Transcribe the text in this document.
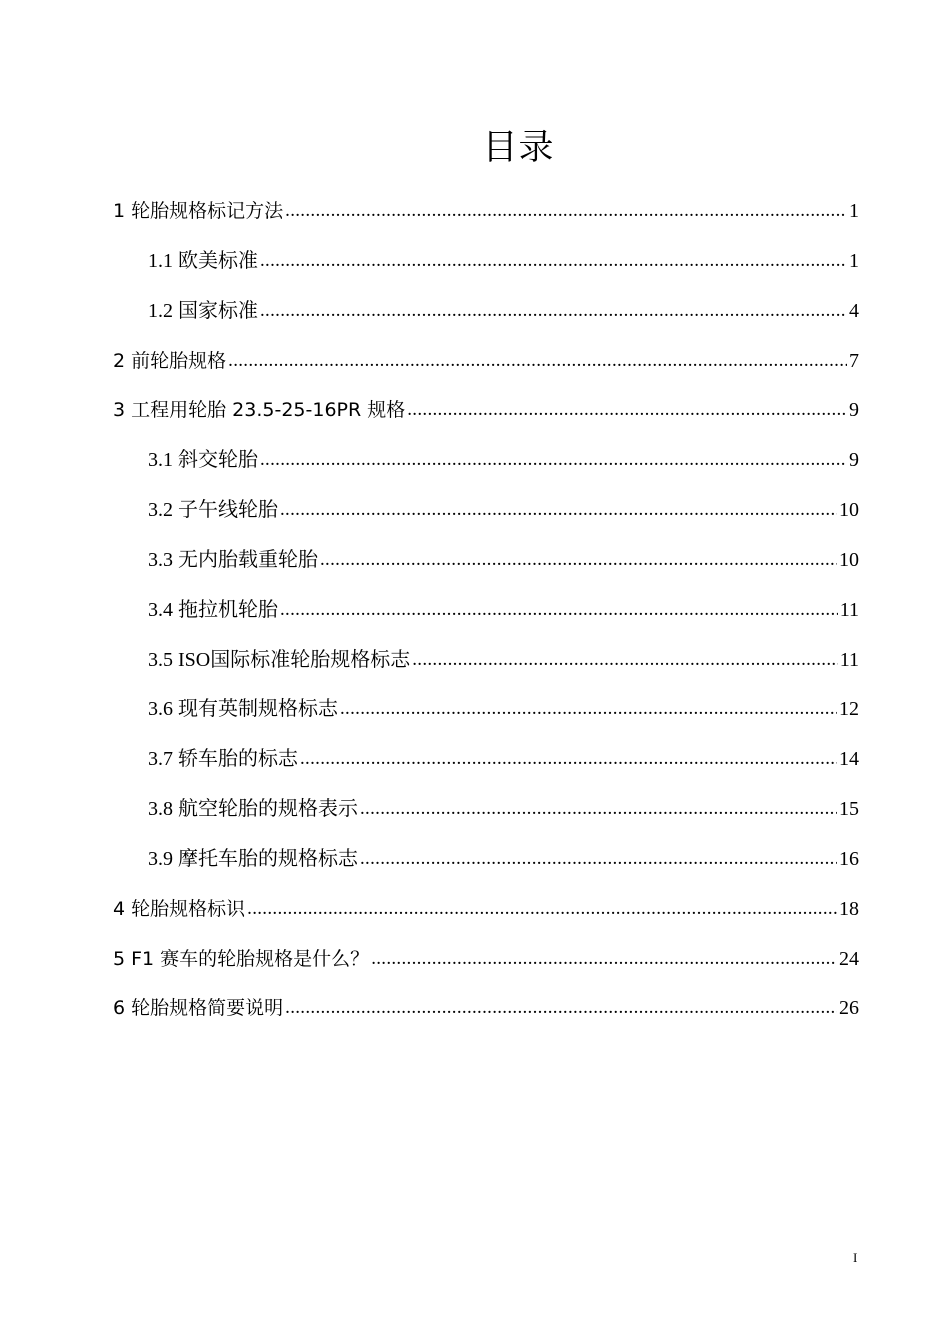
目录
1 轮胎规格标记方法 .....	1
1.1 欧美标准 .....	1
1.2 国家标准 .....	4
2 前轮胎规格 .....	7
3 工程用轮胎 23.5-25-16PR 规格 .....	9
3.1 斜交轮胎 .....	9
3.2 子午线轮胎 .....	10
3.3 无内胎载重轮胎 .....	10
3.4 拖拉机轮胎 .....	11
3.5 ISO国际标准轮胎规格标志 .....	11
3.6 现有英制规格标志 .....	12
3.7 轿车胎的标志 .....	14
3.8 航空轮胎的规格表示 .....	15
3.9 摩托车胎的规格标志 .....	16
4 轮胎规格标识 .....	18
5 F1 赛车的轮胎规格是什么？ .....	24
6 轮胎规格简要说明 .....	26
I
